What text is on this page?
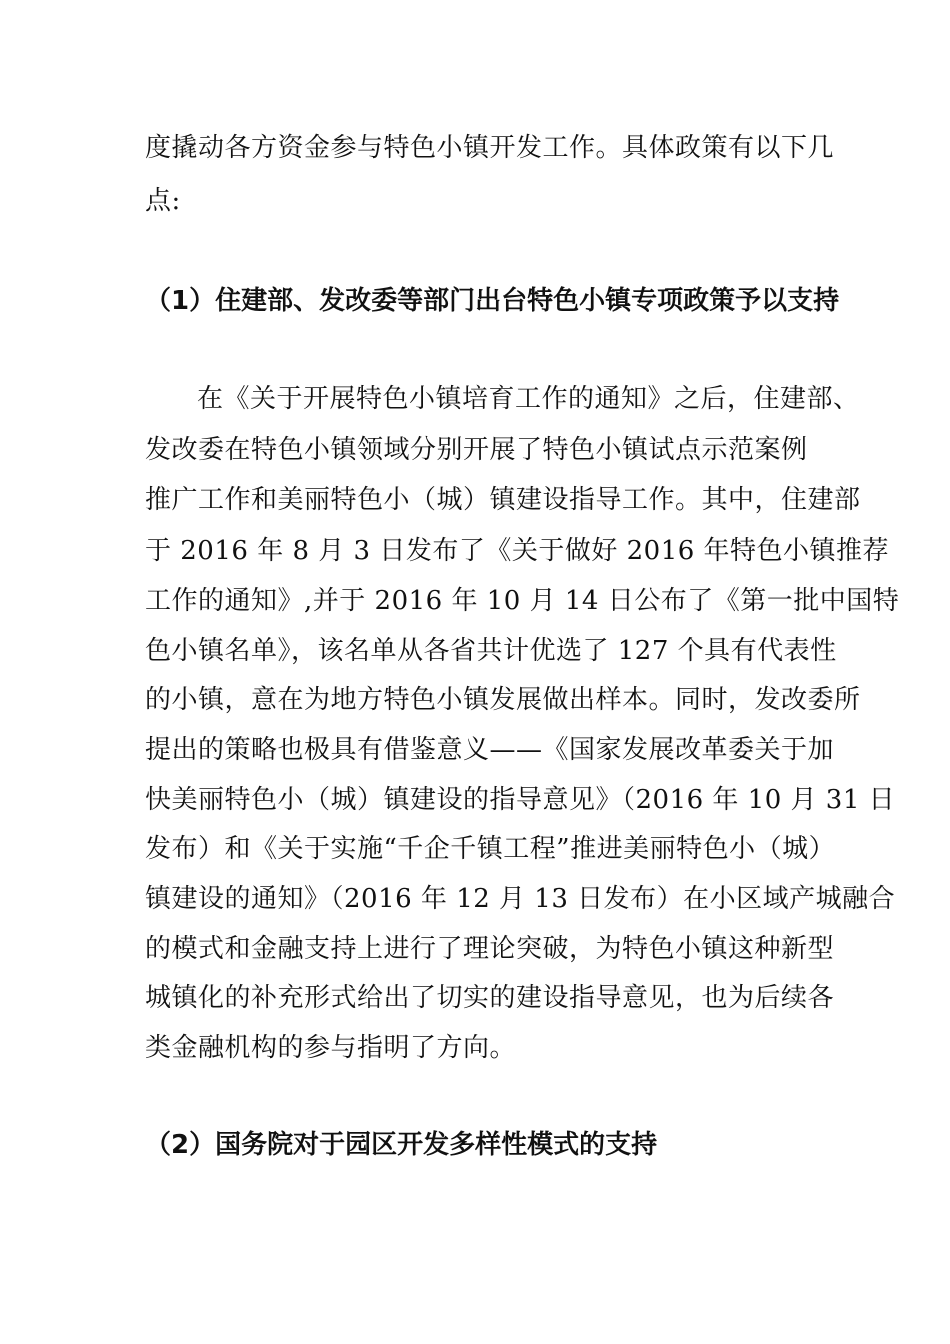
度撬动各方资金参与特色小镇开发工作。具体政策有以下几
点:
（1）住建部、发改委等部门出台特色小镇专项政策予以支持
在《关于开展特色小镇培育工作的通知》之后，住建部、
发改委在特色小镇领域分别开展了特色小镇试点示范案例
推广工作和美丽特色小（城）镇建设指导工作。其中，住建部
于 2016 年 8 月 3 日发布了《关于做好 2016 年特色小镇推荐
工作的通知》,并于 2016 年 10 月 14 日公布了《第一批中国特
色小镇名单》，该名单从各省共计优选了 127 个具有代表性
的小镇，意在为地方特色小镇发展做出样本。同时，发改委所
提出的策略也极具有借鉴意义——《国家发展改革委关于加
快美丽特色小（城）镇建设的指导意见》（2016 年 10 月 31 日
发布）和《关于实施“千企千镇工程”推进美丽特色小（城）
镇建设的通知》（2016 年 12 月 13 日发布）在小区域产城融合
的模式和金融支持上进行了理论突破，为特色小镇这种新型
城镇化的补充形式给出了切实的建设指导意见，也为后续各
类金融机构的参与指明了方向。
（2）国务院对于园区开发多样性模式的支持
